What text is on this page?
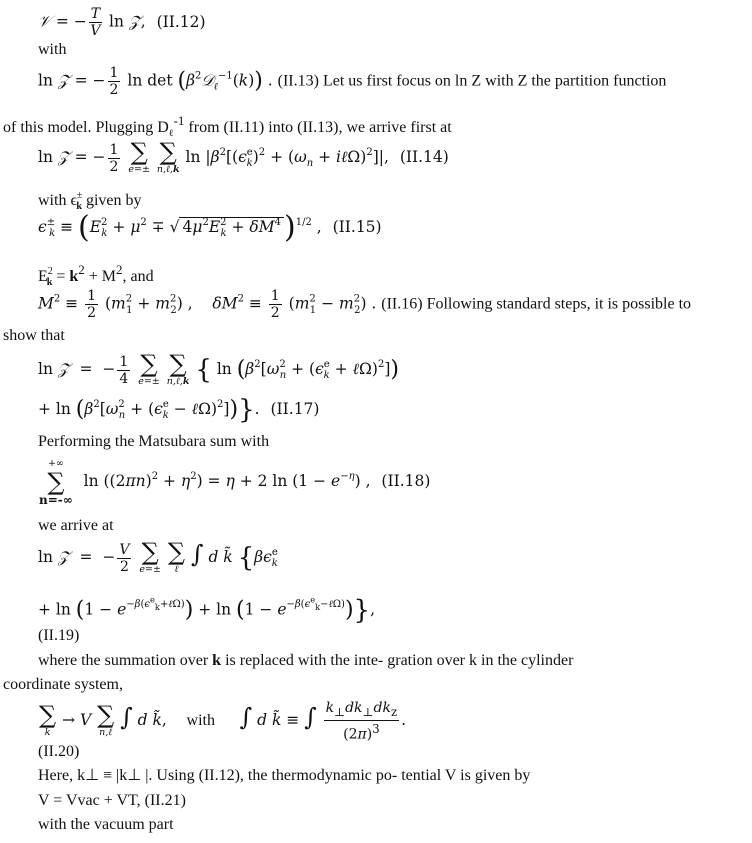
𝒱 = − $\frac{T}{V}$ ln 𝒵, (II.12)
with
ln 𝒵 = − $\frac{1}{2}$ $\ln \det (\beta^2𝒟_\ell^{-1}(k))$ . (II.13) Let us first focus on ln Z with Z the partition function
of this model. Plugging $D_\ell^{-1}$ from (II.11) into (II.13), we arrive first at
ln 𝒵 = − $\frac{1}{2}$
∑
e=±

∑
n,ℓ,k
$\ln |\beta^2[(\epsilon^e_k)^2 + (\omega_n$ + iℓΩ)$^2$]|, (II.14)
with $\epsilon^\pm_k$ given by
$\epsilon^\pm_k \equiv (E^2_k + \mu^2$ ∓ √ $4\mu^2E^2_k + \delta M^4$ )$^{1/2}$ , (II.15)
$E^2_k = k^2 + M^2$, and
$M^2 \equiv \frac{1}{2} (m^2_1 + m^2_2)$ ,    $\delta M^2 \equiv \frac{1}{2} (m^2_1 - m^2_2)$ . (II.16) Following standard steps, it is possible to
show that
ln 𝒵  =  − $\frac{1}{4}$
∑
e=±

∑
n,ℓ,k { $\ln (\beta^2[\omega^2_n + (\epsilon^e_k$ + ℓΩ)$^2$])
+ $\ln (\beta^2[\omega^2_n + (\epsilon^e_k$ − ℓΩ)$^2$])}. (II.17)
Performing the Matsubara sum with
+∞
∑
n=-∞
$\ln ((2\pi n)^2 + \eta^2) = \eta + 2$ $\ln (1 - e^{-\eta})$ , (II.18)
we arrive at
ln 𝒵  =  − $\frac{V}{2}$
∑
e=±

∑
ℓ
∫ d k̃ {$\beta\epsilon^e_k$
+ $\ln (1 - e^{-\beta(\epsilon^e_k+\ell\Omega)}) + \ln (1 - e^{-\beta(\epsilon^e_k-\ell\Omega)})$},
(II.19)
where the summation over k is replaced with the inte- gration over k in the cylinder
coordinate system,
∑
k
→ V ∑
n,ℓ
∫ d k̃,    with ∫ d k̃ ≡ ∫ $\frac{k_\perp dk_\perp dk_z}{(2\pi)^3}$ .
(II.20)
Here, k⊥ ≡ |k⊥ |. Using (II.12), the thermodynamic po- tential V is given by
V = Vvac + VT, (II.21)
with the vacuum part
